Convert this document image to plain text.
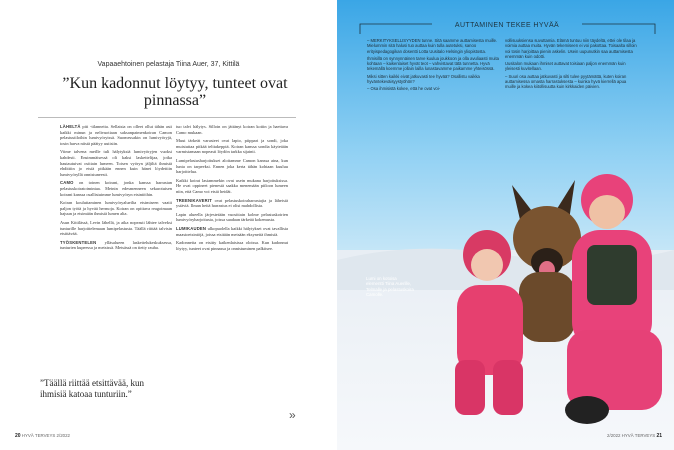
Vapaaehtoinen pelastaja Tiina Auer, 37, Kittilä
”Kun kadonnut löytyy, tunteet ovat pinnassa”

LÄHELTÄ piti -tilanneita. Sellaisia on olleet ollut tähän asti kaikki minun ja nelivuotiaan saksanpaimenkoiran Camon pelastustiloihin lumivyöryissä. Suomessakin on lumivyöryjä, tosin harva niistä päätyy uutisiin.

Viime talvena meille tuli hälytyksiä lumivyöryjen vuoksi kahdesti. Ensimmäisessä oli kaksi laskettelijaa, jotka hautautuivat osittain lumeen. Toisen vyöryn jäljiltä ihmistä ehdittiin jo etsiä pitkään ennen kuin hänet löydettiin lumivyöryllä onnistuneesti.

CAMO on toinen koirani, jonka kanssa harrastan pelastuskoiratoimintaa. Meinin edesmenneen sekarotuisen koirani kanssa osallistuimme lumivyöryn etsintöihin.

Koiran kouluttaminen lumivyöryalueilta etsimiseen vaatii paljon työtä ja hyvää hermoja. Koiran on opittava reagoimaan hajuun ja etsimään ihmisiä lumen alta.

Asun Kittilässä, Levin lähellä, ja aika nopeasti lähtee talveksi tunturille harjoittelemaan lumipelastusta. Täällä riittää talvisin etsittävää.

TYÖSKENTELEN ylläsalueen laskettelukeskuksessa, tunturien kupeessa ja metsissä. Metsässä on tietty rauha.

tuo talvi hälytys. Silloin on jättänyt koiran kotiin ja haettava Camo mukaan.

Muut tärkeät varusteet ovat lapio, piippari ja sondi, joka muistuttaa pitkää telttakeppiä. Koiran kanssa sondia käytetään varmistamaan nopeasti löydön tarkka sijainti.

Lumipelastusharjoitukset aloitamme Camon kanssa aina, kun lunta on tarpeeksi. Ennen joka kerta tähän kohtaan kuuluu harjoittelua.

Kaikki koirat lasiammekin ovat usein mukana harjoituksissa. He ovat oppineet pienestä saakka menemään piiloon lumeen niin, että Camo voi etsiä heidät.

TREENIKAVERIT ovat pelastuskoiraharrastajia ja läheisiä ystäviä. Ilman heitä harrastus ei olisi mahdollista.

Lapin alueella järjestetään vuosittain kolme pelastuskoirien lumivyöryharjoitusta, joissa saadaan tärkeää kokemusta.

LUMIKAUDEN ulkopuolella kaikki hälytykset ovat tavallisia maastoetsintöjä, joissa etsitään metsään eksyneitä ihmisiä.

Kadonneita on etsitty kaikenlaisissa oloissa. Kun kadonnut löytyy, tunteet ovat pinnassa ja onnistuminen palkitsee.

”Täällä riittää etsittävää, kun ihmisiä katoaa tunturiin.”
»
20 HYVÄ TERVEYS 2/2022
AUTTAMINEN TEKEE HYVÄÄ

– MERKITYKSELLISYYDEN tunne. Sitä saamme auttamisesta muille. Mielummin sitä halusi tuo auttaa kuin tulla autetuksi, sanoo erityispedagogikan dosentti Lotta Uusitalo Helsingin yliopistosta.

Ihmisillä on synnynnäinen tarve kuulua joukkoon ja olla avuliaasti muita kohtaan – kaikenlaiset hyvät teot – vahvistavat tätä tunnetta. Hyvä tekemällä koemme jollain lailla lunastavamme paikamme yhteisössä.

Miksi sitten kaikki eivät jatkuvasti tee hyvää? Osallistu vaikka hyväntekeväisyystyöhön?

– Osa ihmisistä kokee, että he ovat voi-

vollisuuksiensa suvuttamia. Elämä tuntuu niin täydeltä, ettei ole tilaa ja voimia auttaa muita. Hyvän tekemiseen ei voi pakottaa. Toisaalta silloin voi tosin harjoittaa pienin askelin. Usein uupunutkin saa auttamisesta enemmän kuin odotti.

Uusitalon mukaan ihmiset auttavat toisiaan paljon enemmän kuin yleisesti kuvitellaan.

– Suuri osa auttaa jatkuvasti ja silti tulee pyytämättä, kuten koiran auttamisessa omasta harrastuksesta – kuinka hyvä kierrellä apua muille ja kokea kiitollisuutta kuin kirkkaiden päivien.

Lumi on kotoisa elementti Tiina Auerille, Telmalle ja pelastuskoira Camolle.
2/2022 HYVÄ TERVEYS 21
